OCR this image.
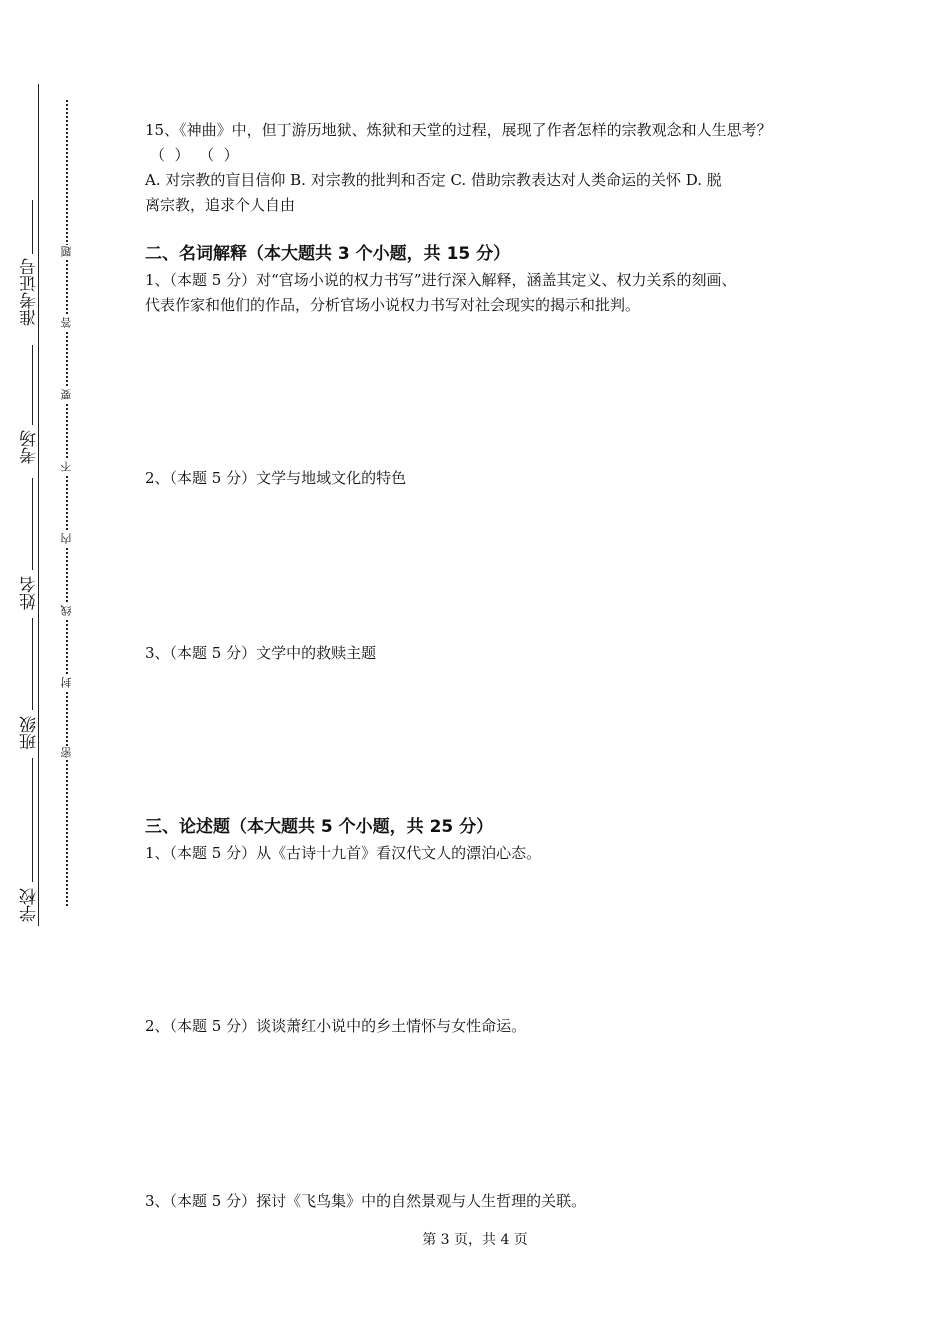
准考证号
考场
姓名
班级
学校
题
答
要
不
内
线
封
密
15、《神曲》中，但丁游历地狱、炼狱和天堂的过程，展现了作者怎样的宗教观念和人生思考？
（  ）  （  ）
A. 对宗教的盲目信仰 B. 对宗教的批判和否定 C. 借助宗教表达对人类命运的关怀 D. 脱
离宗教，追求个人自由
二、名词解释（本大题共 3 个小题，共 15 分）
1、（本题 5 分）对“官场小说的权力书写”进行深入解释，涵盖其定义、权力关系的刻画、
代表作家和他们的作品，分析官场小说权力书写对社会现实的揭示和批判。
2、（本题 5 分）文学与地域文化的特色
3、（本题 5 分）文学中的救赎主题
三、论述题（本大题共 5 个小题，共 25 分）
1、（本题 5 分）从《古诗十九首》看汉代文人的漂泊心态。
2、（本题 5 分）谈谈萧红小说中的乡土情怀与女性命运。
3、（本题 5 分）探讨《飞鸟集》中的自然景观与人生哲理的关联。
第 3 页，共 4 页
